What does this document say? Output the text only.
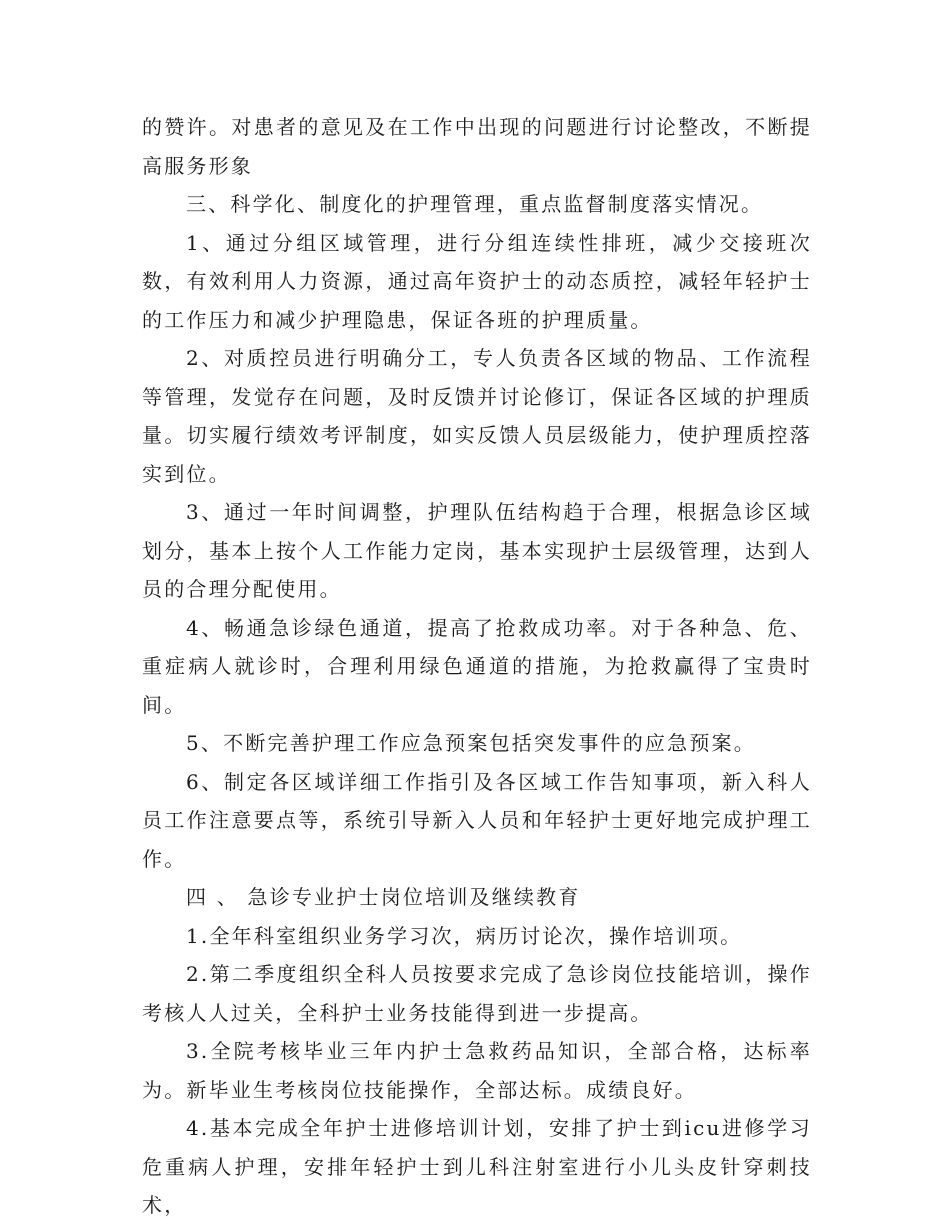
的赞许。对患者的意见及在工作中出现的问题进行讨论整改，不断提高服务形象

三、科学化、制度化的护理管理，重点监督制度落实情况。

1、通过分组区域管理，进行分组连续性排班，减少交接班次数，有效利用人力资源，通过高年资护士的动态质控，减轻年轻护士的工作压力和减少护理隐患，保证各班的护理质量。

2、对质控员进行明确分工，专人负责各区域的物品、工作流程等管理，发觉存在问题，及时反馈并讨论修订，保证各区域的护理质量。切实履行绩效考评制度，如实反馈人员层级能力，使护理质控落实到位。

3、通过一年时间调整，护理队伍结构趋于合理，根据急诊区域划分，基本上按个人工作能力定岗，基本实现护士层级管理，达到人员的合理分配使用。

4、畅通急诊绿色通道，提高了抢救成功率。对于各种急、危、重症病人就诊时，合理利用绿色通道的措施，为抢救赢得了宝贵时间。

5、不断完善护理工作应急预案包括突发事件的应急预案。

6、制定各区域详细工作指引及各区域工作告知事项，新入科人员工作注意要点等，系统引导新入人员和年轻护士更好地完成护理工作。

四 、 急诊专业护士岗位培训及继续教育

1.全年科室组织业务学习次，病历讨论次，操作培训项。

2.第二季度组织全科人员按要求完成了急诊岗位技能培训，操作考核人人过关，全科护士业务技能得到进一步提高。

3.全院考核毕业三年内护士急救药品知识，全部合格，达标率为。新毕业生考核岗位技能操作，全部达标。成绩良好。

4.基本完成全年护士进修培训计划，安排了护士到icu进修学习危重病人护理，安排年轻护士到儿科注射室进行小儿头皮针穿刺技术，
